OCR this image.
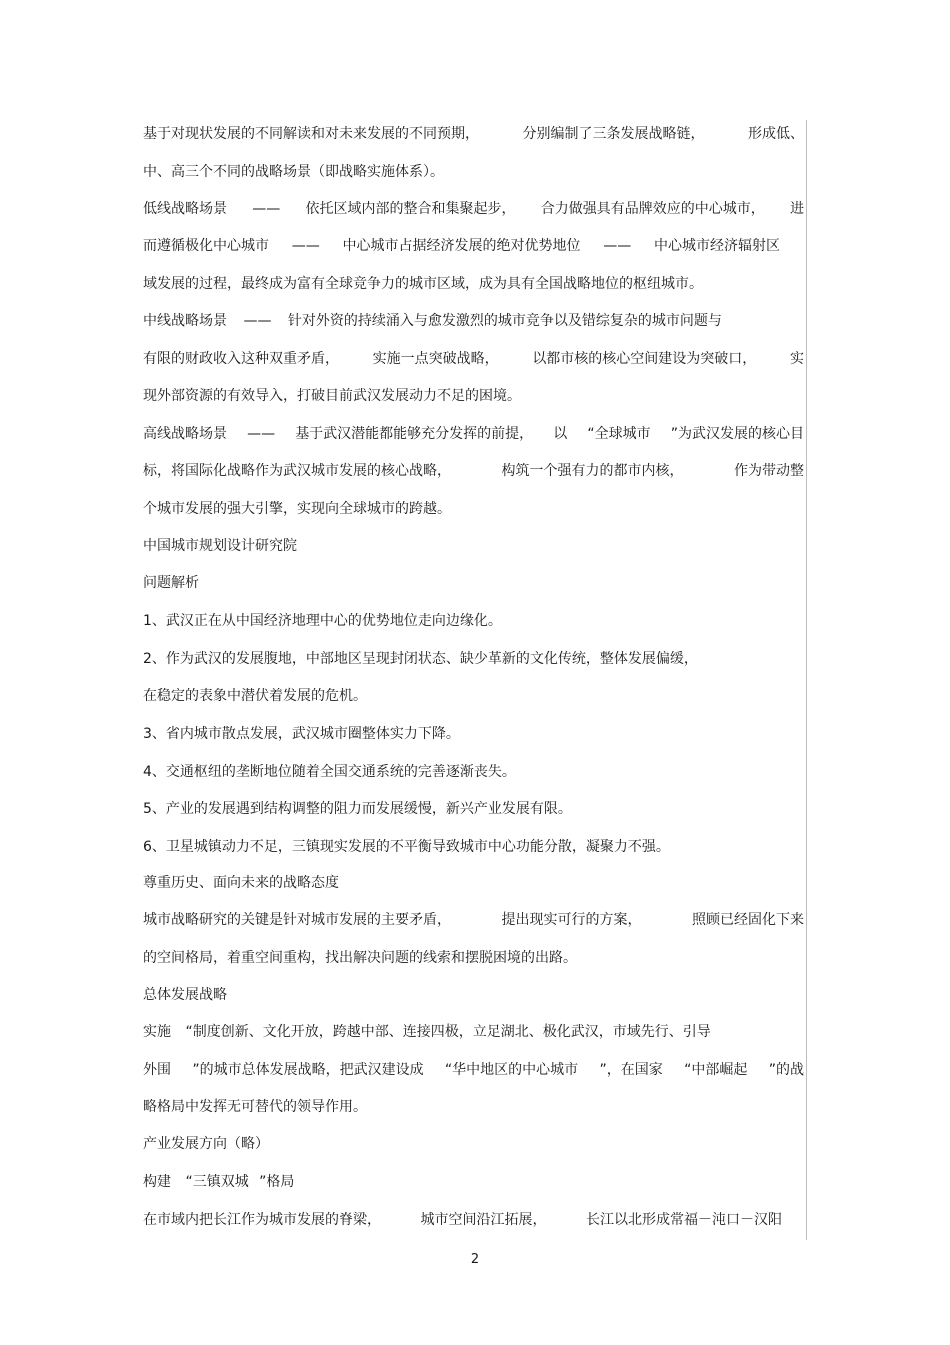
基于对现状发展的不同解读和对未来发展的不同预期，	分别编制了三条发展战略链，	形成低、
中、高三个不同的战略场景（即战略实施体系）。
低线战略场景 —— 依托区域内部的整合和集聚起步， 合力做强具有品牌效应的中心城市， 进
而遵循极化中心城市 —— 中心城市占据经济发展的绝对优势地位 —— 中心城市经济辐射区
域发展的过程，最终成为富有全球竞争力的城市区域，成为具有全国战略地位的枢纽城市。
中线战略场景 —— 针对外资的持续涌入与愈发激烈的城市竞争以及错综复杂的城市问题与
有限的财政收入这种双重矛盾， 实施一点突破战略， 以都市核的核心空间建设为突破口， 实
现外部资源的有效导入，打破目前武汉发展动力不足的困境。
高线战略场景 —— 基于武汉潜能都能够充分发挥的前提， 以 “全球城市 ”为武汉发展的核心目
标，将国际化战略作为武汉城市发展的核心战略，	构筑一个强有力的都市内核，	作为带动整
个城市发展的强大引擎，实现向全球城市的跨越。
中国城市规划设计研究院
问题解析
1、武汉正在从中国经济地理中心的优势地位走向边缘化。
2、作为武汉的发展腹地，中部地区呈现封闭状态、缺少革新的文化传统，整体发展偏缓，
在稳定的表象中潜伏着发展的危机。
3、省内城市散点发展，武汉城市圈整体实力下降。
4、交通枢纽的垄断地位随着全国交通系统的完善逐渐丧失。
5、产业的发展遇到结构调整的阻力而发展缓慢，新兴产业发展有限。
6、卫星城镇动力不足，三镇现实发展的不平衡导致城市中心功能分散，凝聚力不强。
尊重历史、面向未来的战略态度
城市战略研究的关键是针对城市发展的主要矛盾，	提出现实可行的方案，	照顾已经固化下来
的空间格局，着重空间重构，找出解决问题的线索和摆脱困境的出路。
总体发展战略
实施 “制度创新、文化开放，跨越中部、连接四极，立足湖北、极化武汉，市域先行、引导
外围 ”的城市总体发展战略，把武汉建设成 “华中地区的中心城市 ”，在国家 “中部崛起 ”的战
略格局中发挥无可替代的领导作用。
产业发展方向（略）
构建 “三镇双城 ”格局
在市域内把长江作为城市发展的脊梁，	城市空间沿江拓展，	长江以北形成常福－沌口－汉阳
2
